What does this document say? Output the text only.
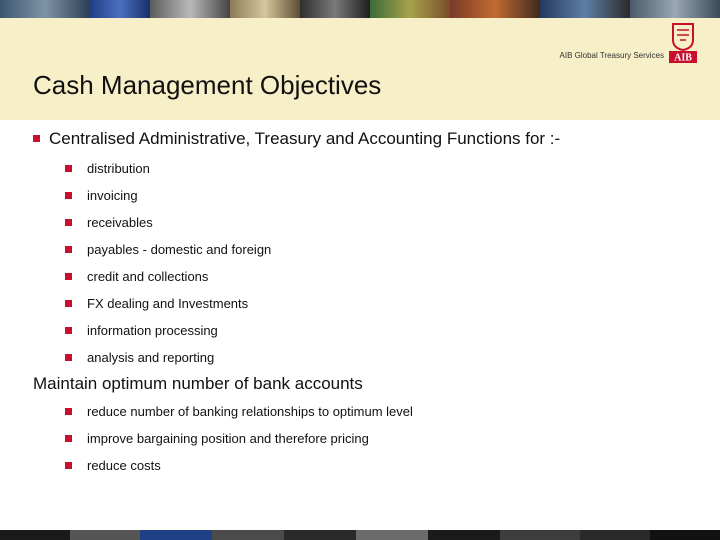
AIB Global Treasury Services AIB
Cash Management Objectives
Centralised Administrative, Treasury and Accounting Functions for :-
distribution
invoicing
receivables
payables - domestic and foreign
credit and collections
FX dealing and Investments
information processing
analysis and reporting
Maintain optimum number of bank accounts
reduce number of banking relationships to optimum level
improve bargaining position and therefore pricing
reduce costs
